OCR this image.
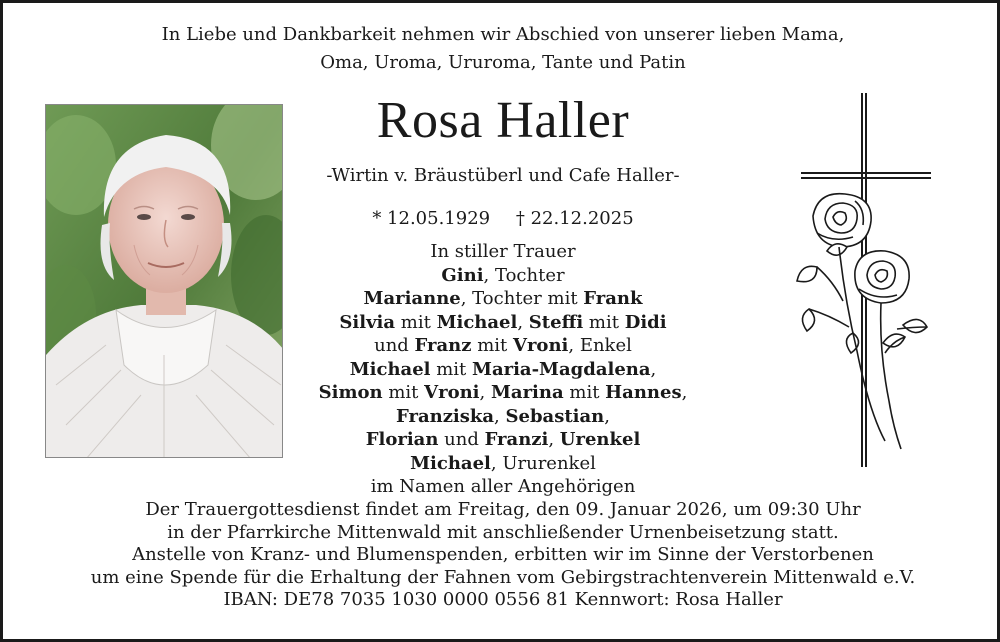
In Liebe und Dankbarkeit nehmen wir Abschied von unserer lieben Mama,
Oma, Uroma, Ururoma, Tante und Patin
Rosa Haller
-Wirtin v. Bräustüberl und Cafe Haller-
* 12.05.1929 † 22.12.2025
In stiller Trauer
Gini, Tochter
Marianne, Tochter mit Frank
Silvia mit Michael, Steffi mit Didi
und Franz mit Vroni, Enkel
Michael mit Maria-Magdalena,
Simon mit Vroni, Marina mit Hannes,
Franziska, Sebastian,
Florian und Franzi, Urenkel
Michael, Ururenkel
im Namen aller Angehörigen
Der Trauergottesdienst findet am Freitag, den 09. Januar 2026, um 09:30 Uhr
in der Pfarrkirche Mittenwald mit anschließender Urnenbeisetzung statt.
Anstelle von Kranz- und Blumenspenden, erbitten wir im Sinne der Verstorbenen
um eine Spende für die Erhaltung der Fahnen vom Gebirgstrachtenverein Mittenwald e.V.
IBAN: DE78 7035 1030 0000 0556 81 Kennwort: Rosa Haller
